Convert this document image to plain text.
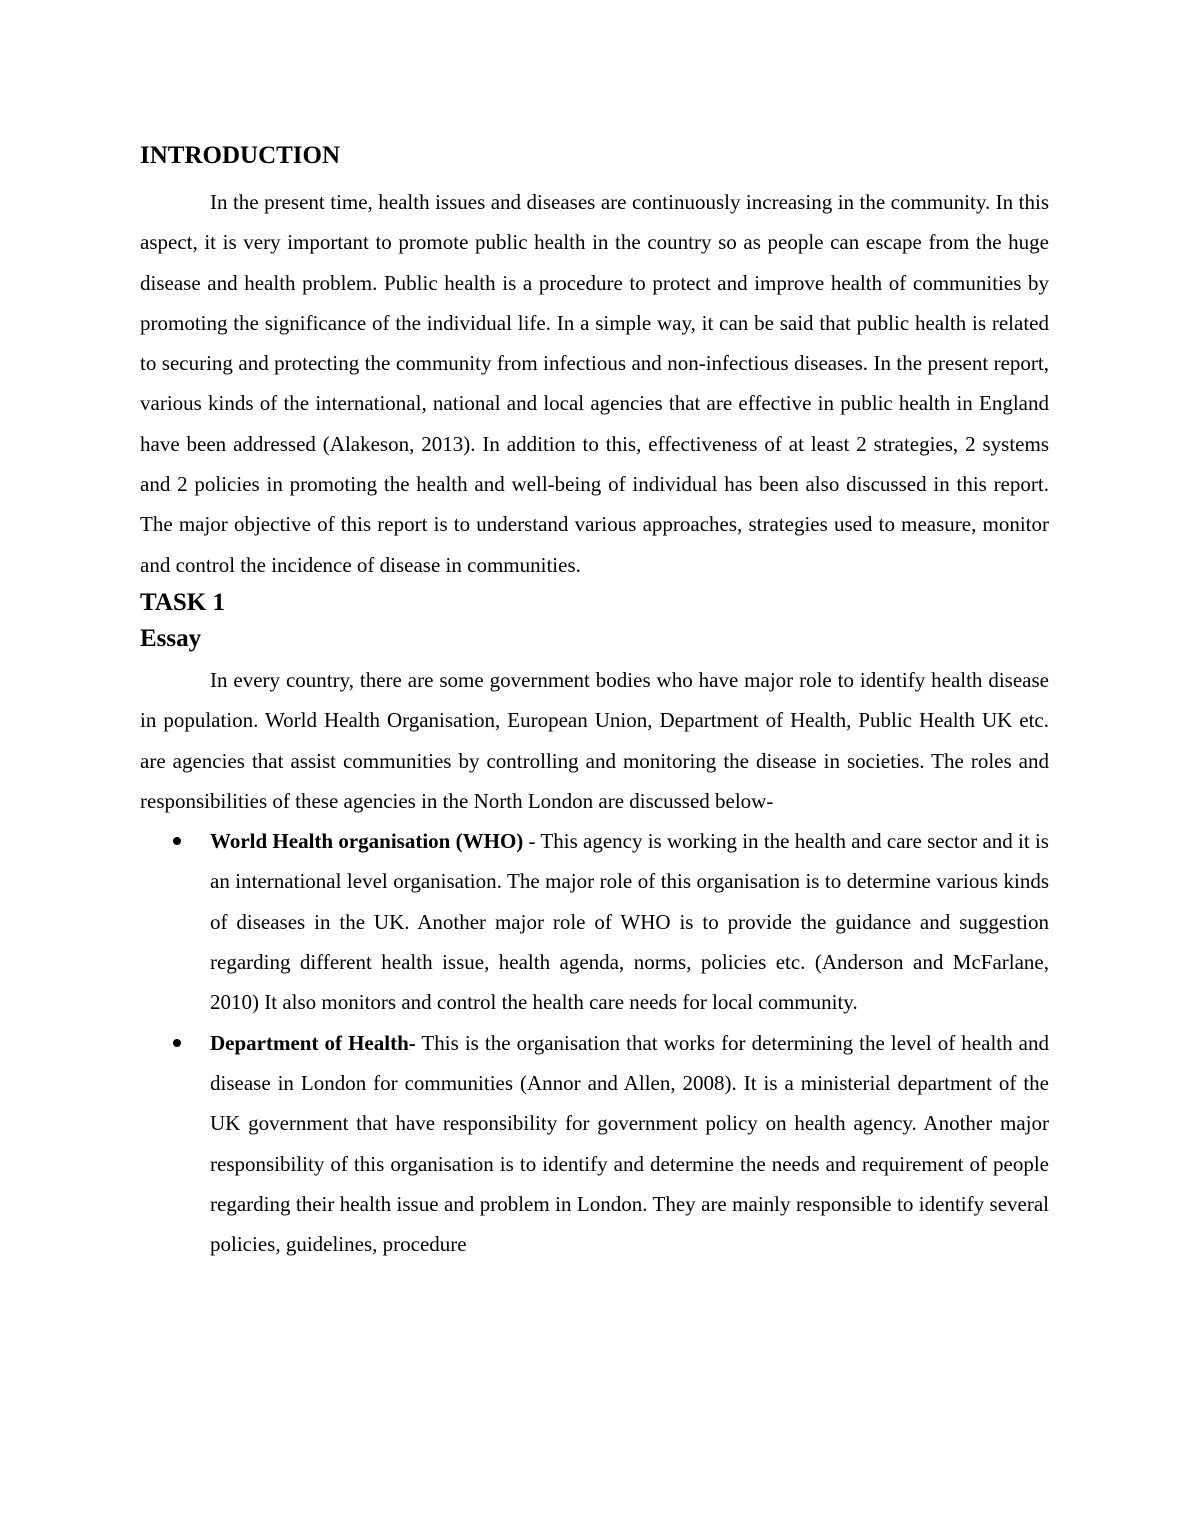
INTRODUCTION

In the present time, health issues and diseases are continuously increasing in the community. In this aspect, it is very important to promote public health in the country so as people can escape from the huge disease and health problem. Public health is a procedure to protect and improve health of communities by promoting the significance of the individual life. In a simple way, it can be said that public health is related to securing and protecting the community from infectious and non-infectious diseases. In the present report, various kinds of the international, national and local agencies that are effective in public health in England have been addressed (Alakeson, 2013). In addition to this, effectiveness of at least 2 strategies, 2 systems and 2 policies in promoting the health and well-being of individual has been also discussed in this report. The major objective of this report is to understand various approaches, strategies used to measure, monitor and control the incidence of disease in communities.

TASK 1
Essay

In every country, there are some government bodies who have major role to identify health disease in population. World Health Organisation, European Union, Department of Health, Public Health UK etc. are agencies that assist communities by controlling and monitoring the disease in societies. The roles and responsibilities of these agencies in the North London are discussed below-

World Health organisation (WHO) - This agency is working in the health and care sector and it is an international level organisation. The major role of this organisation is to determine various kinds of diseases in the UK. Another major role of WHO is to provide the guidance and suggestion regarding different health issue, health agenda, norms, policies etc. (Anderson and McFarlane, 2010) It also monitors and control the health care needs for local community.
Department of Health- This is the organisation that works for determining the level of health and disease in London for communities (Annor and Allen, 2008). It is a ministerial department of the UK government that have responsibility for government policy on health agency. Another major responsibility of this organisation is to identify and determine the needs and requirement of people regarding their health issue and problem in London. They are mainly responsible to identify several policies, guidelines, procedure
